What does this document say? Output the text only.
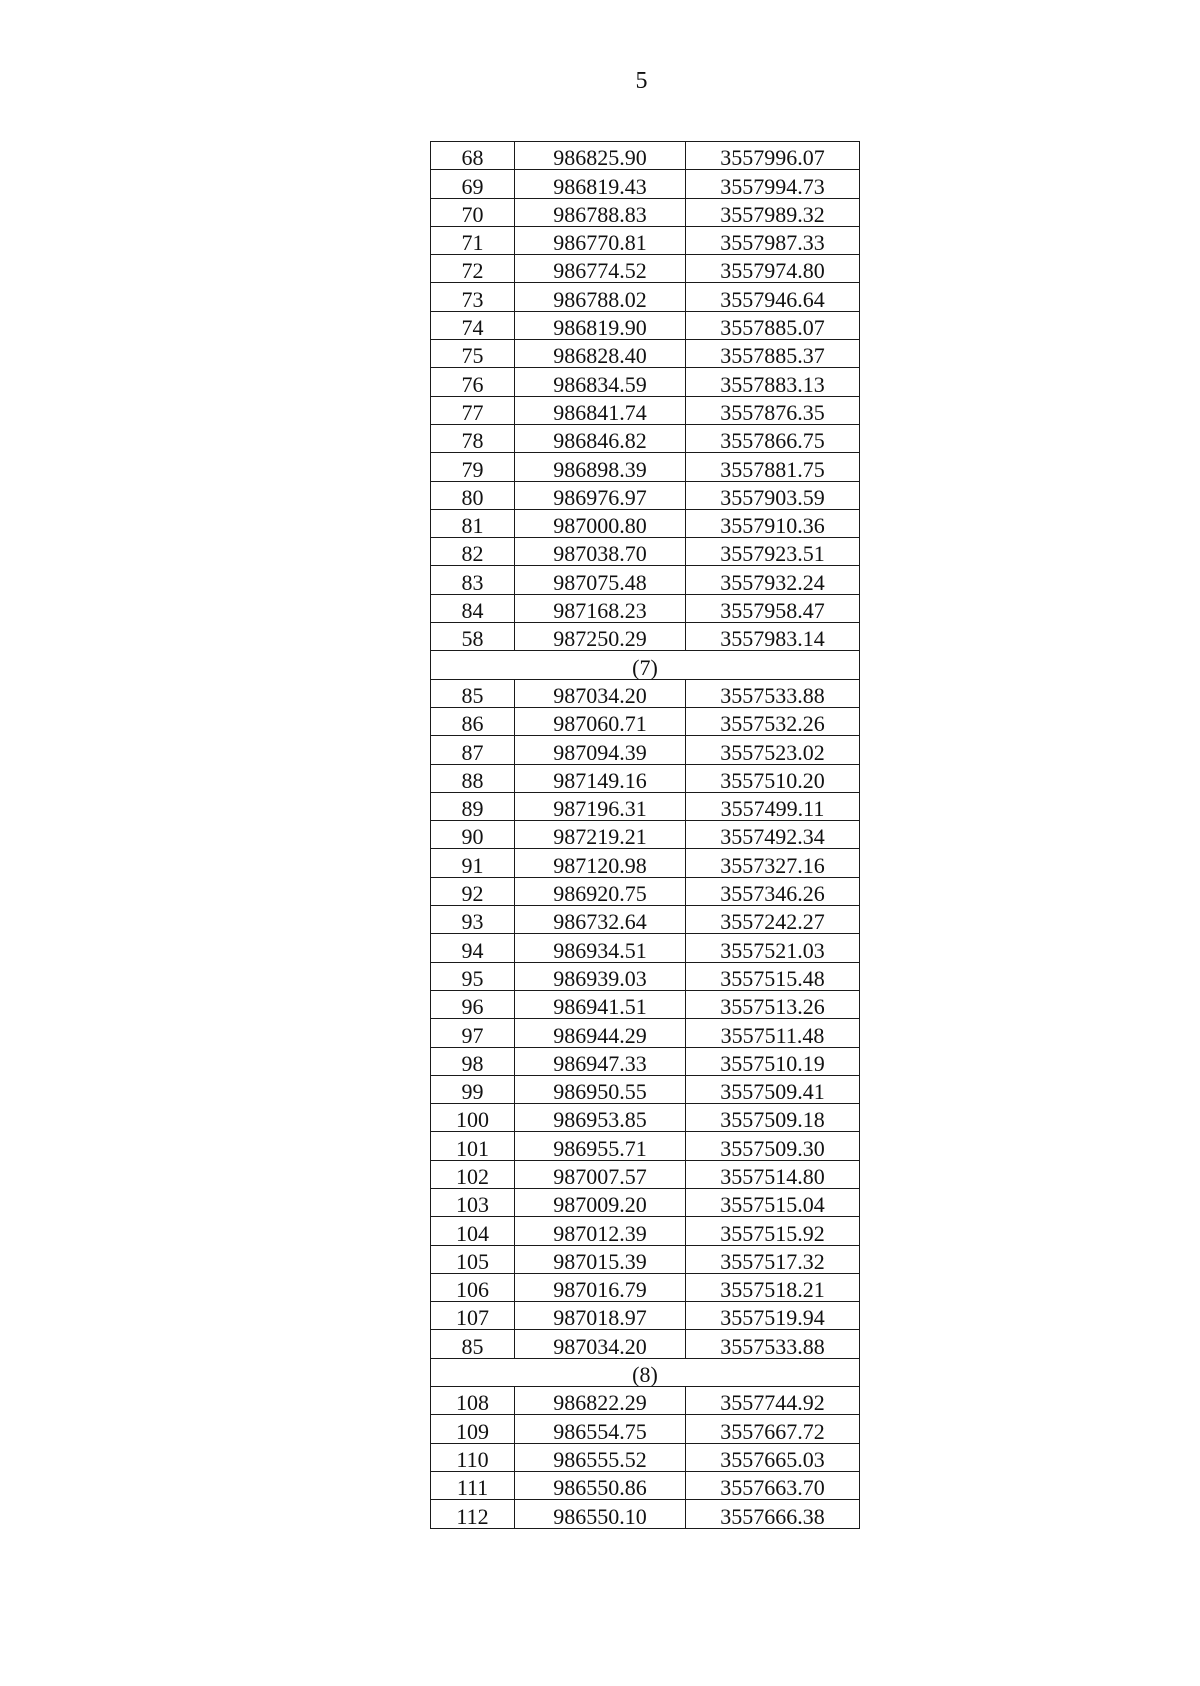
5
68	986825.90	3557996.07
69	986819.43	3557994.73
70	986788.83	3557989.32
71	986770.81	3557987.33
72	986774.52	3557974.80
73	986788.02	3557946.64
74	986819.90	3557885.07
75	986828.40	3557885.37
76	986834.59	3557883.13
77	986841.74	3557876.35
78	986846.82	3557866.75
79	986898.39	3557881.75
80	986976.97	3557903.59
81	987000.80	3557910.36
82	987038.70	3557923.51
83	987075.48	3557932.24
84	987168.23	3557958.47
58	987250.29	3557983.14
(7)		
85	987034.20	3557533.88
86	987060.71	3557532.26
87	987094.39	3557523.02
88	987149.16	3557510.20
89	987196.31	3557499.11
90	987219.21	3557492.34
91	987120.98	3557327.16
92	986920.75	3557346.26
93	986732.64	3557242.27
94	986934.51	3557521.03
95	986939.03	3557515.48
96	986941.51	3557513.26
97	986944.29	3557511.48
98	986947.33	3557510.19
99	986950.55	3557509.41
100	986953.85	3557509.18
101	986955.71	3557509.30
102	987007.57	3557514.80
103	987009.20	3557515.04
104	987012.39	3557515.92
105	987015.39	3557517.32
106	987016.79	3557518.21
107	987018.97	3557519.94
85	987034.20	3557533.88
(8)		
108	986822.29	3557744.92
109	986554.75	3557667.72
110	986555.52	3557665.03
111	986550.86	3557663.70
112	986550.10	3557666.38
